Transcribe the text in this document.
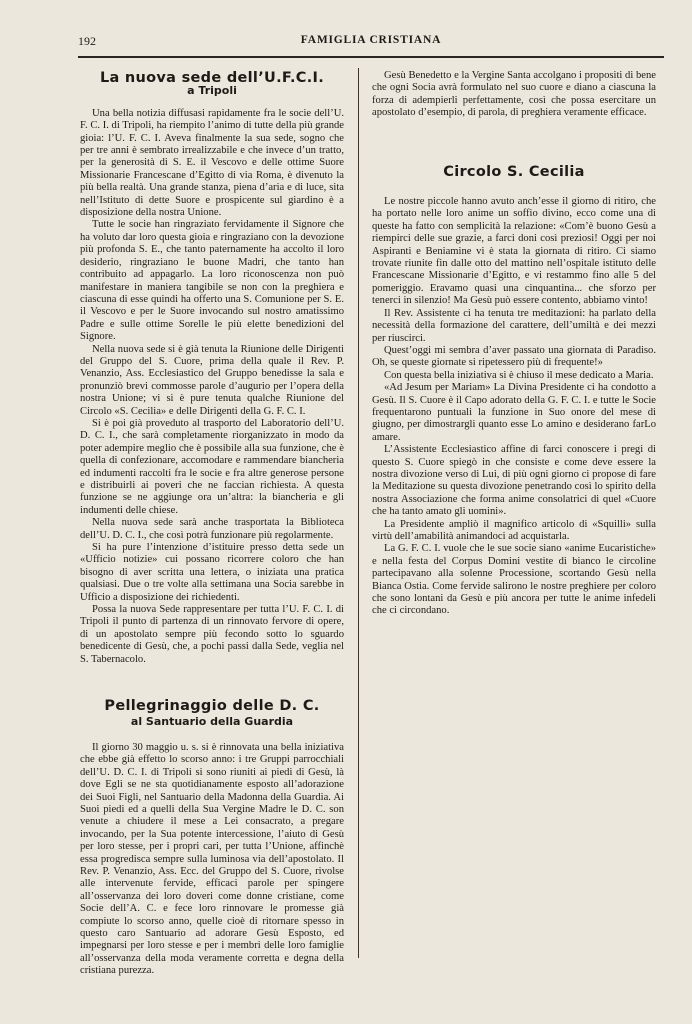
192	FAMIGLIA CRISTIANA
La nuova sede dell’U.F.C.I.
a Tripoli

Una bella notizia diffusasi rapidamente fra le socie dell’U. F. C. I. di Tripoli, ha riempito l’animo di tutte della più grande gioia: l’U. F. C. I. Aveva finalmente la sua sede, sogno che per tre anni è sembrato irrealizzabile e che invece d’un tratto, per la generosità di S. E. il Vescovo e delle ottime Suore Missionarie Francescane d’Egitto di via Roma, è divenuto la più bella realtà. Una grande stanza, piena d’aria e di luce, sita nell’Istituto di dette Suore e prospicente sul giardino è a disposizione della nostra Unione.

Tutte le socie han ringraziato fervidamente il Signore che ha voluto dar loro questa gioia e ringraziano con la devozione più profonda S. E., che tanto paternamente ha accolto il loro desiderio, ringraziano le buone Madri, che tanto han contribuito ad appagarlo. La loro riconoscenza non può manifestare in maniera tangibile se non con la preghiera e ciascuna di esse quindi ha offerto una S. Comunione per S. E. il Vescovo e per le Suore invocando sul nostro amatissimo Padre e sulle ottime Sorelle le più elette benedizioni del Signore.

Nella nuova sede si è già tenuta la Riunione delle Dirigenti del Gruppo del S. Cuore, prima della quale il Rev. P. Venanzio, Ass. Ecclesiastico del Gruppo benedisse la sala e pronunziò brevi commosse parole d’augurio per l’opera della nostra Unione; vi si è pure tenuta qualche Riunione del Circolo «S. Cecilia» e delle Dirigenti della G. F. C. I.

Si è poi già proveduto al trasporto del Laboratorio dell’U. D. C. I., che sarà completamente riorganizzato in modo da poter adempire meglio che è possibile alla sua funzione, che è quella di confezionare, accomodare e rammendare biancheria ed indumenti raccolti fra le socie e fra altre generose persone e distribuirli ai poveri che ne faccian richiesta. A questa funzione se ne aggiunge ora un’altra: la biancheria e gli indumenti delle chiese.

Nella nuova sede sarà anche trasportata la Biblioteca dell’U. D. C. I., che così potrà funzionare più regolarmente.

Si ha pure l’intenzione d’istituire presso detta sede un «Ufficio notizie» cui possano ricorrere coloro che han bisogno di aver scritta una lettera, o iniziata una pratica qualsiasi. Due o tre volte alla settimana una Socia sarebbe in Ufficio a disposizione dei richiedenti.

Possa la nuova Sede rappresentare per tutta l’U. F. C. I. di Tripoli il punto di partenza di un rinnovato fervore di opere, di un apostolato sempre più fecondo sotto lo sguardo benedicente di Gesù, che, a pochi passi dalla Sede, veglia nel S. Tabernacolo.

Pellegrinaggio delle D. C.
al Santuario della Guardia

Il giorno 30 maggio u. s. si è rinnovata una bella iniziativa che ebbe già effetto lo scorso anno: i tre Gruppi parrocchiali dell’U. D. C. I. di Tripoli si sono riuniti ai piedi di Gesù, là dove Egli se ne sta quotidianamente esposto all’adorazione dei Suoi Figli, nel Santuario della Madonna della Guardia. Ai Suoi piedi ed a quelli della Sua Vergine Madre le D. C. son venute a chiudere il mese a Lei consacrato, a pregare invocando, per la Sua potente intercessione, l’aiuto di Gesù per loro stesse, per i propri cari, per tutta l’Unione, affinchè essa progredisca sempre sulla luminosa via dell’apostolato. Il Rev. P. Venanzio, Ass. Ecc. del Gruppo del S. Cuore, rivolse alle intervenute fervide, efficaci parole per spingere all’osservanza dei loro doveri come donne cristiane, come Socie dell’A. C. e fece loro rinnovare le promesse già compiute lo scorso anno, quelle cioè di ritornare spesso in questo caro Santuario ad adorare Gesù Esposto, ed impegnarsi per loro stesse e per i membri delle loro famiglie all’osservanza della moda veramente corretta e degna della cristiana purezza.

Gesù Benedetto e la Vergine Santa accolgano i propositi di bene che ogni Socia avrà formulato nel suo cuore e diano a ciascuna la forza di adempierli perfettamente, così che possa esercitare un apostolato d’esempio, di parola, di preghiera veramente efficace.

Circolo S. Cecilia

Le nostre piccole hanno avuto anch’esse il giorno di ritiro, che ha portato nelle loro anime un soffio divino, ecco come una di queste ha fatto con semplicità la relazione: «Com’è buono Gesù a riempirci delle sue grazie, a farci doni così preziosi! Oggi per noi Aspiranti e Beniamine vi è stata la giornata di ritiro. Ci siamo trovate riunite fin dalle otto del mattino nell’ospitale istituto delle Francescane Missionarie d’Egitto, e vi restammo fino alle 5 del pomeriggio. Eravamo quasi una cinquantina... che sforzo per tenerci in silenzio! Ma Gesù può essere contento, abbiamo vinto!

Il Rev. Assistente ci ha tenuta tre meditazioni: ha parlato della necessità della formazione del carattere, dell’umiltà e dei mezzi per riuscirci.

Quest’oggi mi sembra d’aver passato una giornata di Paradiso. Oh, se queste giornate si ripetessero più di frequente!»

Con questa bella iniziativa si è chiuso il mese dedicato a Maria.

«Ad Jesum per Mariam» La Divina Presidente ci ha condotto a Gesù. Il S. Cuore è il Capo adorato della G. F. C. I. e tutte le Socie frequentarono puntuali la funzione in Suo onore del mese di giugno, per dimostrargli quanto esse Lo amino e desiderano farLo amare.

L’Assistente Ecclesiastico affine di farci conoscere i pregi di questo S. Cuore spiegò in che consiste e come deve essere la nostra divozione verso di Lui, di più ogni giorno ci propose di fare la Meditazione su questa divozione penetrando così lo spirito della nostra Associazione che forma anime consolatrici di quel «Cuore che ha tanto amato gli uomini».

La Presidente ampliò il magnifico articolo di «Squilli» sulla virtù dell’amabilità animandoci ad acquistarla.

La G. F. C. I. vuole che le sue socie siano «anime Eucaristiche» e nella festa del Corpus Domini vestite di bianco le circoline partecipavano alla solenne Processione, scortando Gesù nella Bianca Ostia. Come fervide salirono le nostre preghiere per coloro che sono lontani da Gesù e più ancora per tutte le anime infedeli che ci circondano.
